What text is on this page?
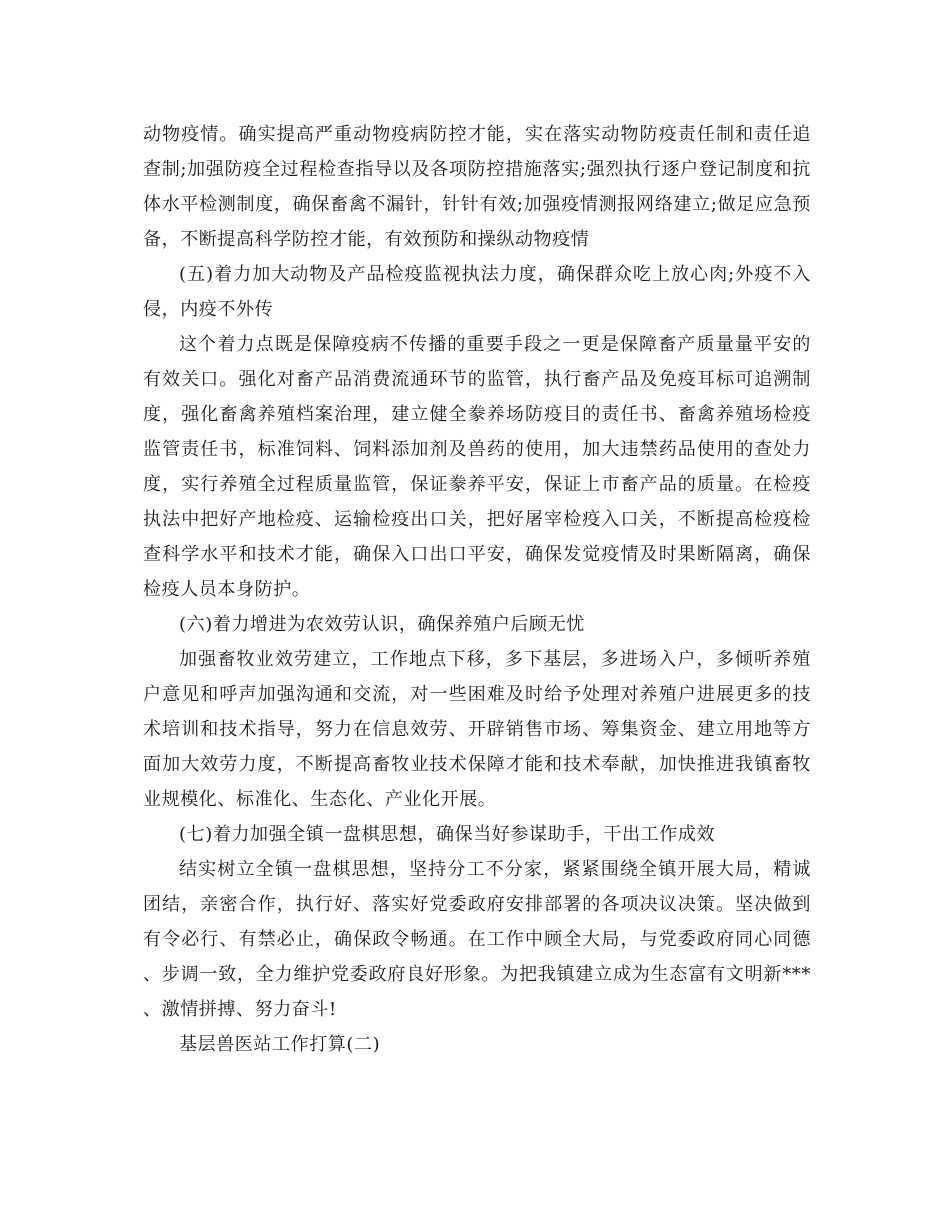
动物疫情。确实提高严重动物疫病防控才能，实在落实动物防疫责任制和责任追查制;加强防疫全过程检查指导以及各项防控措施落实;强烈执行逐户登记制度和抗体水平检测制度，确保畜禽不漏针，针针有效;加强疫情测报网络建立;做足应急预备，不断提高科学防控才能，有效预防和操纵动物疫情

(五)着力加大动物及产品检疫监视执法力度，确保群众吃上放心肉;外疫不入侵，内疫不外传

这个着力点既是保障疫病不传播的重要手段之一更是保障畜产质量量平安的有效关口。强化对畜产品消费流通环节的监管，执行畜产品及免疫耳标可追溯制度，强化畜禽养殖档案治理，建立健全豢养场防疫目的责任书、畜禽养殖场检疫监管责任书，标准饲料、饲料添加剂及兽药的使用，加大违禁药品使用的查处力度，实行养殖全过程质量监管，保证豢养平安，保证上市畜产品的质量。在检疫执法中把好产地检疫、运输检疫出口关，把好屠宰检疫入口关，不断提高检疫检查科学水平和技术才能，确保入口出口平安，确保发觉疫情及时果断隔离，确保检疫人员本身防护。

(六)着力增进为农效劳认识，确保养殖户后顾无忧

加强畜牧业效劳建立，工作地点下移，多下基层，多进场入户，多倾听养殖户意见和呼声加强沟通和交流，对一些困难及时给予处理对养殖户进展更多的技术培训和技术指导，努力在信息效劳、开辟销售市场、筹集资金、建立用地等方面加大效劳力度，不断提高畜牧业技术保障才能和技术奉献，加快推进我镇畜牧业规模化、标准化、生态化、产业化开展。

(七)着力加强全镇一盘棋思想，确保当好参谋助手，干出工作成效

结实树立全镇一盘棋思想，坚持分工不分家，紧紧围绕全镇开展大局，精诚团结，亲密合作，执行好、落实好党委政府安排部署的各项决议决策。坚决做到有令必行、有禁必止，确保政令畅通。在工作中顾全大局，与党委政府同心同德、步调一致，全力维护党委政府良好形象。为把我镇建立成为生态富有文明新***、激情拼搏、努力奋斗!

基层兽医站工作打算(二)
